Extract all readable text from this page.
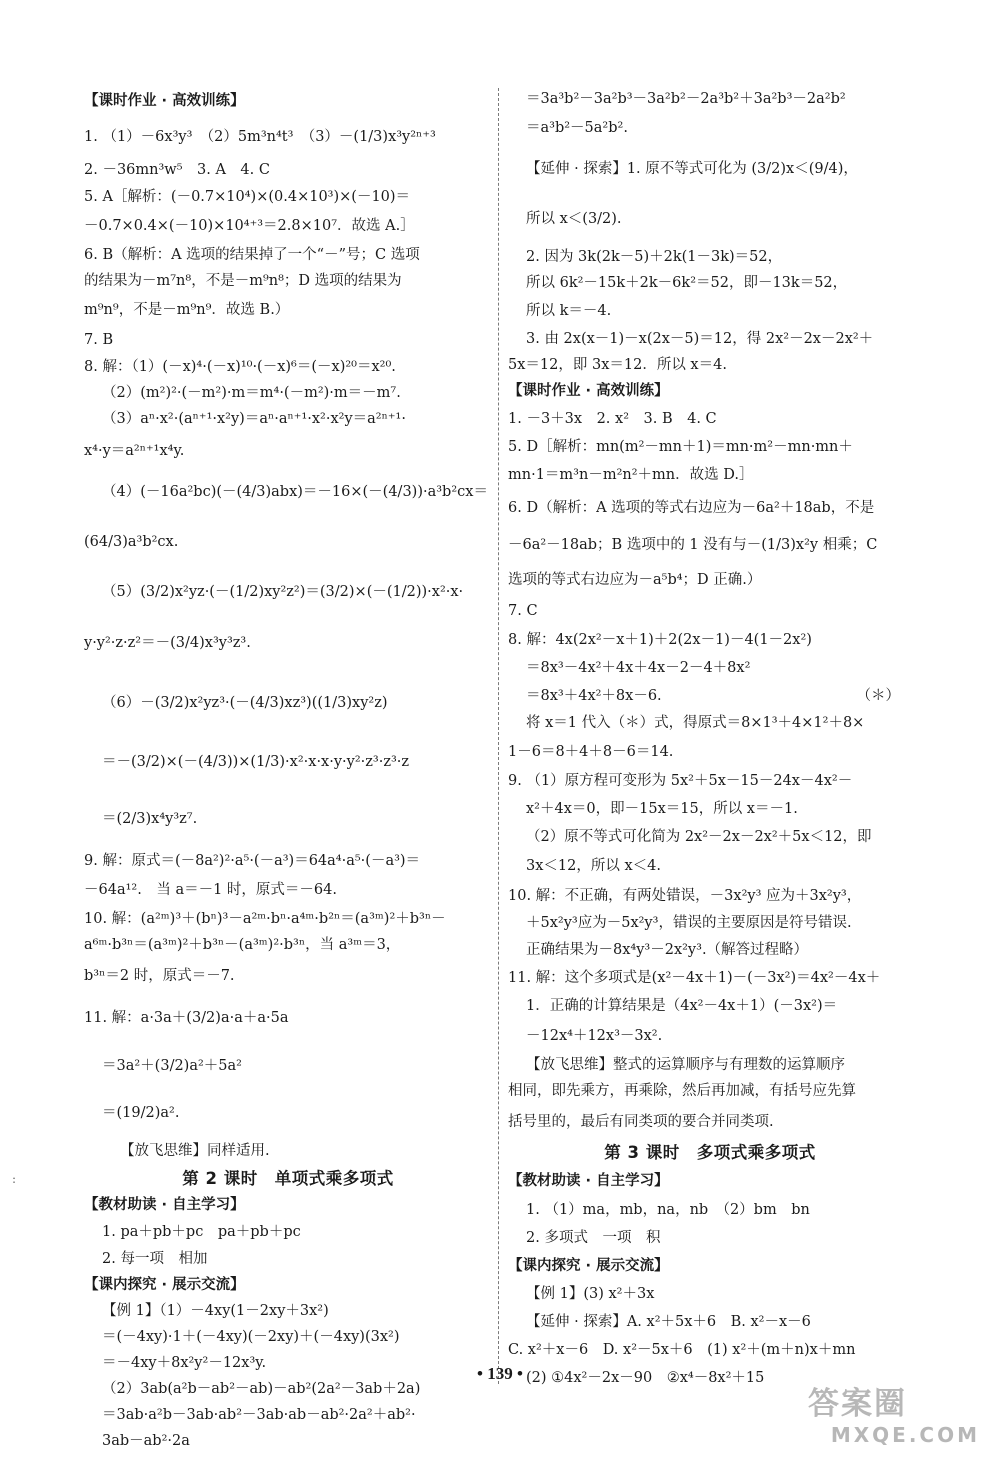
【课时作业 · 高效训练】

1. （1）－6x³y³　（2）5m³n⁴t³　（3）－(1/3)x³y²ⁿ⁺³

2. －36mn³w⁵　3. A　4. C

5. A［解析：(－0.7×10⁴)×(0.4×10³)×(－10)＝

－0.7×0.4×(－10)×10⁴⁺³＝2.8×10⁷．故选 A.］

6. B（解析：A 选项的结果掉了一个“－”号；C 选项

的结果为－m⁷n⁸，不是－m⁹n⁸；D 选项的结果为

m⁹n⁹，不是－m⁹n⁹．故选 B.）

7. B

8. 解：（1）(－x)⁴·(－x)¹⁰·(－x)⁶＝(－x)²⁰＝x²⁰.

（2）(m²)²·(－m²)·m＝m⁴·(－m²)·m＝－m⁷.

（3）aⁿ·x²·(aⁿ⁺¹·x²y)＝aⁿ·aⁿ⁺¹·x²·x²y＝a²ⁿ⁺¹·

x⁴·y＝a²ⁿ⁺¹x⁴y.

（4）(－16a²bc)(－(4/3)abx)＝－16×(－(4/3))·a³b²cx＝

(64/3)a³b²cx.

（5）(3/2)x²yz·(－(1/2)xy²z²)＝(3/2)×(－(1/2))·x²·x·

y·y²·z·z²＝－(3/4)x³y³z³.

（6）－(3/2)x²yz³·(－(4/3)xz³)((1/3)xy²z)

＝－(3/2)×(－(4/3))×(1/3)·x²·x·x·y·y²·z³·z³·z

＝(2/3)x⁴y³z⁷.

9. 解：原式＝(－8a²)²·a⁵·(－a³)＝64a⁴·a⁵·(－a³)＝

－64a¹².　当 a＝－1 时，原式＝－64.

10. 解：(a²ᵐ)³＋(bⁿ)³－a²ᵐ·bⁿ·a⁴ᵐ·b²ⁿ＝(a³ᵐ)²＋b³ⁿ－

a⁶ᵐ·b³ⁿ＝(a³ᵐ)²＋b³ⁿ－(a³ᵐ)²·b³ⁿ，当 a³ᵐ＝3，

b³ⁿ＝2 时，原式＝－7.

11. 解：a·3a＋(3/2)a·a＋a·5a

＝3a²＋(3/2)a²＋5a²

＝(19/2)a².

【放飞思维】同样适用.

第 2 课时　单项式乘多项式

【教材助读 · 自主学习】

1. pa＋pb＋pc　pa＋pb＋pc

2. 每一项　相加

【课内探究 · 展示交流】

【例 1】（1）－4xy(1－2xy＋3x²)

＝(－4xy)·1＋(－4xy)(－2xy)＋(－4xy)(3x²)

＝－4xy＋8x²y²－12x³y.

（2）3ab(a²b－ab²－ab)－ab²(2a²－3ab＋2a)

＝3ab·a²b－3ab·ab²－3ab·ab－ab²·2a²＋ab²·

3ab－ab²·2a

＝3a³b²－3a²b³－3a²b²－2a³b²＋3a²b³－2a²b²

＝a³b²－5a²b².

【延伸 · 探索】1. 原不等式可化为 (3/2)x＜(9/4)，

所以 x＜(3/2).

2. 因为 3k(2k－5)＋2k(1－3k)＝52，

所以 6k²－15k＋2k－6k²＝52，即－13k＝52，

所以 k＝－4.

3. 由 2x(x－1)－x(2x－5)＝12，得 2x²－2x－2x²＋

5x＝12，即 3x＝12．所以 x＝4.

【课时作业 · 高效训练】

1. －3＋3x　2. x²　3. B　4. C

5. D［解析：mn(m²－mn＋1)＝mn·m²－mn·mn＋

mn·1＝m³n－m²n²＋mn．故选 D.］

6. D（解析：A 选项的等式右边应为－6a²＋18ab，不是

－6a²－18ab；B 选项中的 1 没有与－(1/3)x²y 相乘；C

选项的等式右边应为－a⁵b⁴；D 正确.）

7. C

8. 解：4x(2x²－x＋1)＋2(2x－1)－4(1－2x²)

＝8x³－4x²＋4x＋4x－2－4＋8x²

＝8x³＋4x²＋8x－6.	（＊）

将 x＝1 代入（＊）式，得原式＝8×1³＋4×1²＋8×

1－6＝8＋4＋8－6＝14.

9. （1）原方程可变形为 5x²＋5x－15－24x－4x²－

x²＋4x＝0，即－15x＝15，所以 x＝－1.

（2）原不等式可化简为 2x²－2x－2x²＋5x＜12，即

3x＜12，所以 x＜4.

10. 解：不正确，有两处错误，－3x²y³ 应为＋3x²y³，

＋5x²y³应为－5x²y³，错误的主要原因是符号错误.

正确结果为－8x⁴y³－2x²y³.（解答过程略）

11. 解：这个多项式是(x²－4x＋1)－(－3x²)＝4x²－4x＋

1．正确的计算结果是（4x²－4x＋1）(－3x²)＝

－12x⁴＋12x³－3x².

【放飞思维】整式的运算顺序与有理数的运算顺序

相同，即先乘方，再乘除，然后再加减，有括号应先算

括号里的，最后有同类项的要合并同类项.

第 3 课时　多项式乘多项式

【教材助读 · 自主学习】

1. （1）ma，mb，na，nb　（2）bm　bn

2. 多项式　一项　积

【课内探究 · 展示交流】

【例 1】(3) x²＋3x

【延伸 · 探索】A. x²＋5x＋6　B. x²－x－6

C. x²＋x－6　D. x²－5x＋6　(1) x²＋(m＋n)x＋mn

(2) ①4x²－2x－90　②x⁴－8x²＋15

:
• 139 •
答案圈
MXQE.COM
